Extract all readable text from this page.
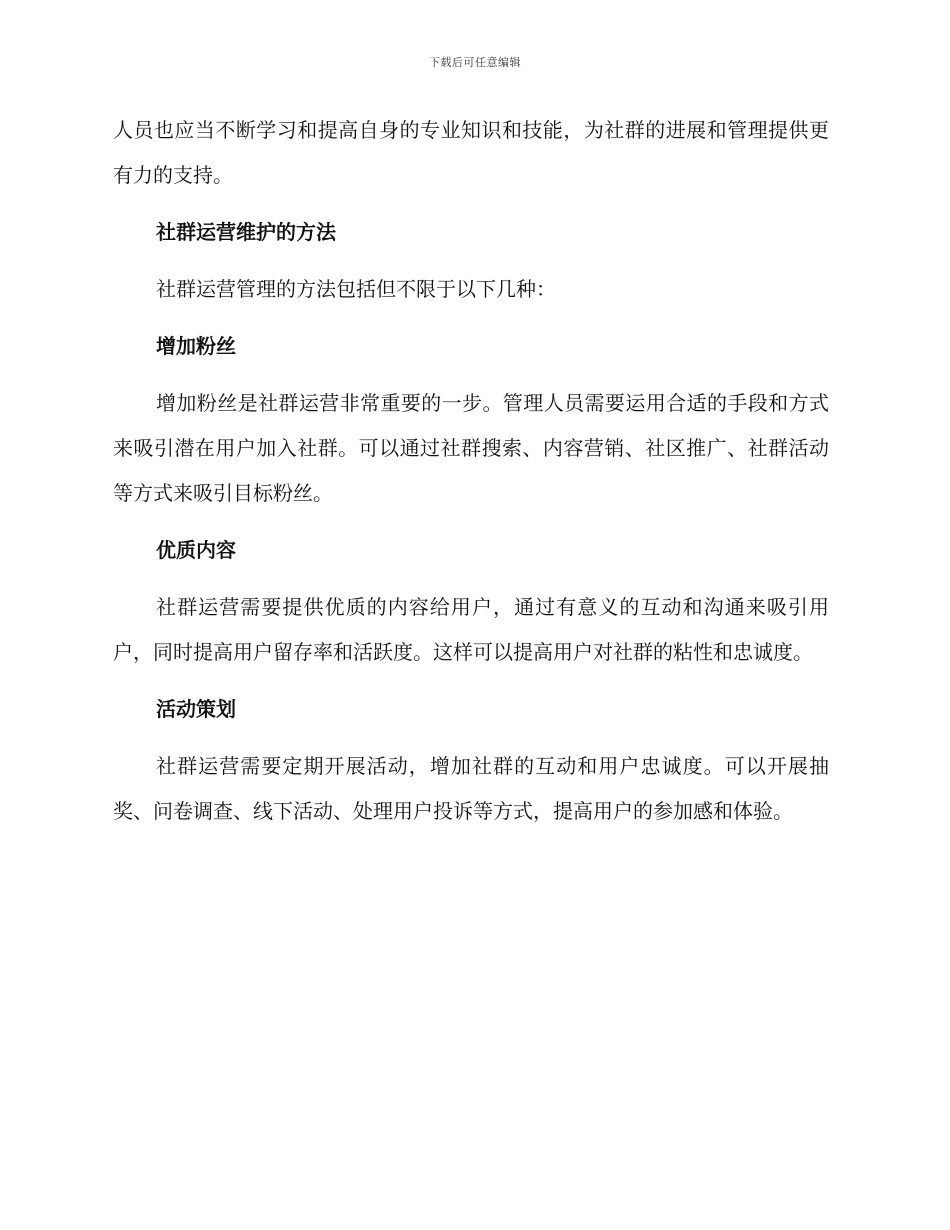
下载后可任意编辑

人员也应当不断学习和提高自身的专业知识和技能，为社群的进展和管理提供更有力的支持。

社群运营维护的方法

社群运营管理的方法包括但不限于以下几种：

增加粉丝

增加粉丝是社群运营非常重要的一步。管理人员需要运用合适的手段和方式来吸引潜在用户加入社群。可以通过社群搜索、内容营销、社区推广、社群活动等方式来吸引目标粉丝。

优质内容

社群运营需要提供优质的内容给用户，通过有意义的互动和沟通来吸引用户，同时提高用户留存率和活跃度。这样可以提高用户对社群的粘性和忠诚度。

活动策划

社群运营需要定期开展活动，增加社群的互动和用户忠诚度。可以开展抽奖、问卷调查、线下活动、处理用户投诉等方式，提高用户的参加感和体验。
